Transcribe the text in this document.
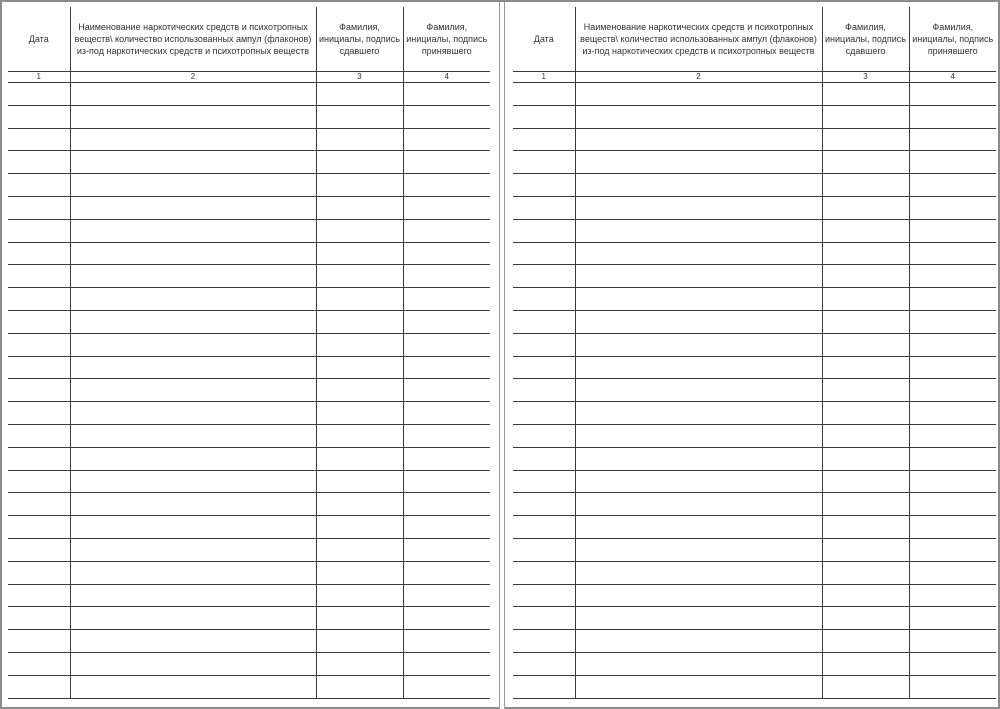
Дата	Наименование наркотических средств и психотропных веществ\ количество использованных ампул (флаконов) из-под наркотических средств и психотропных веществ	Фамилия, инициалы, подпись сдавшего	Фамилия, инициалы, подпись принявшего
1	2	3	4

Дата	Наименование наркотических средств и психотропных веществ\ количество использованных ампул (флаконов) из-под наркотических средств и психотропных веществ	Фамилия, инициалы, подпись сдавшего	Фамилия, инициалы, подпись принявшего
1	2	3	4
